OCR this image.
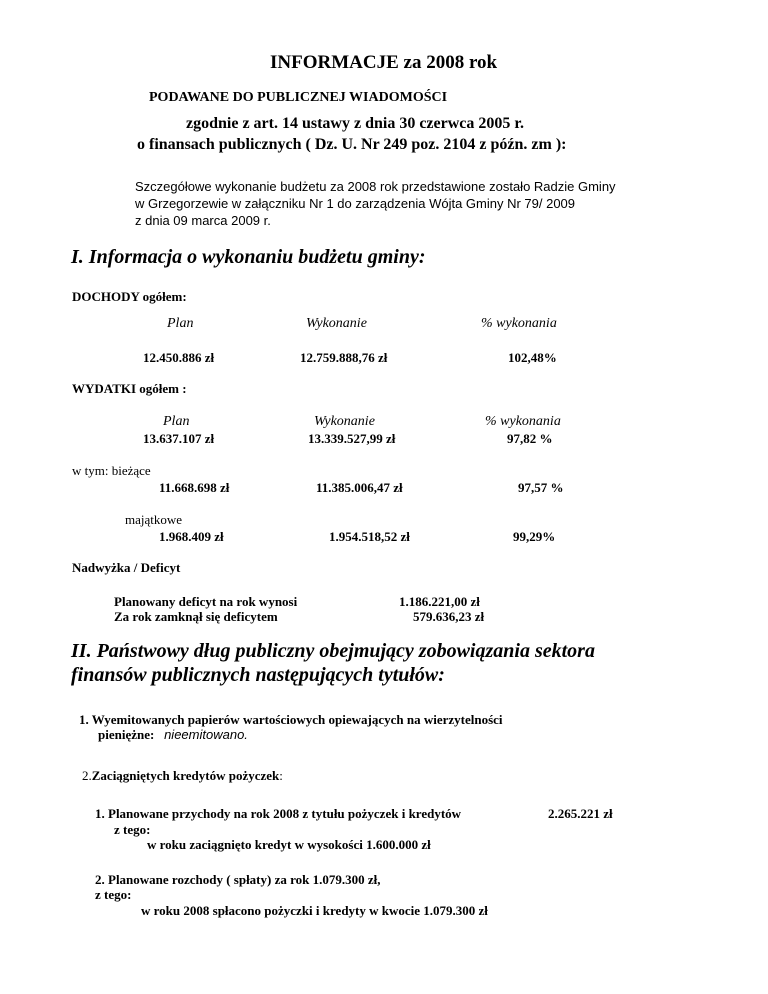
INFORMACJE za 2008 rok
PODAWANE DO PUBLICZNEJ WIADOMOŚCI
zgodnie z art. 14 ustawy z dnia 30 czerwca 2005 r.
o finansach publicznych ( Dz. U. Nr 249 poz. 2104 z późn. zm ):
Szczegółowe wykonanie budżetu za 2008 rok przedstawione zostało Radzie Gminy
w Grzegorzewie w załączniku Nr 1 do zarządzenia Wójta Gminy Nr 79/ 2009
z dnia 09 marca 2009 r.
I. Informacja o wykonaniu budżetu gminy:
DOCHODY ogółem:
Plan	Wykonanie	% wykonania
12.450.886 zł	12.759.888,76 zł	102,48%
WYDATKI ogółem :
Plan	Wykonanie	% wykonania
13.637.107 zł	13.339.527,99 zł	97,82 %
w tym: bieżące
11.668.698 zł	11.385.006,47 zł	97,57 %
majątkowe
1.968.409 zł	1.954.518,52 zł	99,29%
Nadwyżka / Deficyt
Planowany deficyt na rok wynosi	1.186.221,00 zł
Za rok zamknął się deficytem	579.636,23 zł
II. Państwowy dług publiczny obejmujący zobowiązania sektora
finansów publicznych następujących tytułów:
1. Wyemitowanych papierów wartościowych opiewających na wierzytelności
pieniężne: nieemitowano.
2.Zaciągniętych kredytów pożyczek:
1. Planowane przychody na rok 2008 z tytułu pożyczek i kredytów	2.265.221 zł
z tego:
w roku zaciągnięto kredyt w wysokości 1.600.000 zł
2. Planowane rozchody ( spłaty) za rok 1.079.300 zł,
z tego:
w roku 2008 spłacono pożyczki i kredyty w kwocie 1.079.300 zł
